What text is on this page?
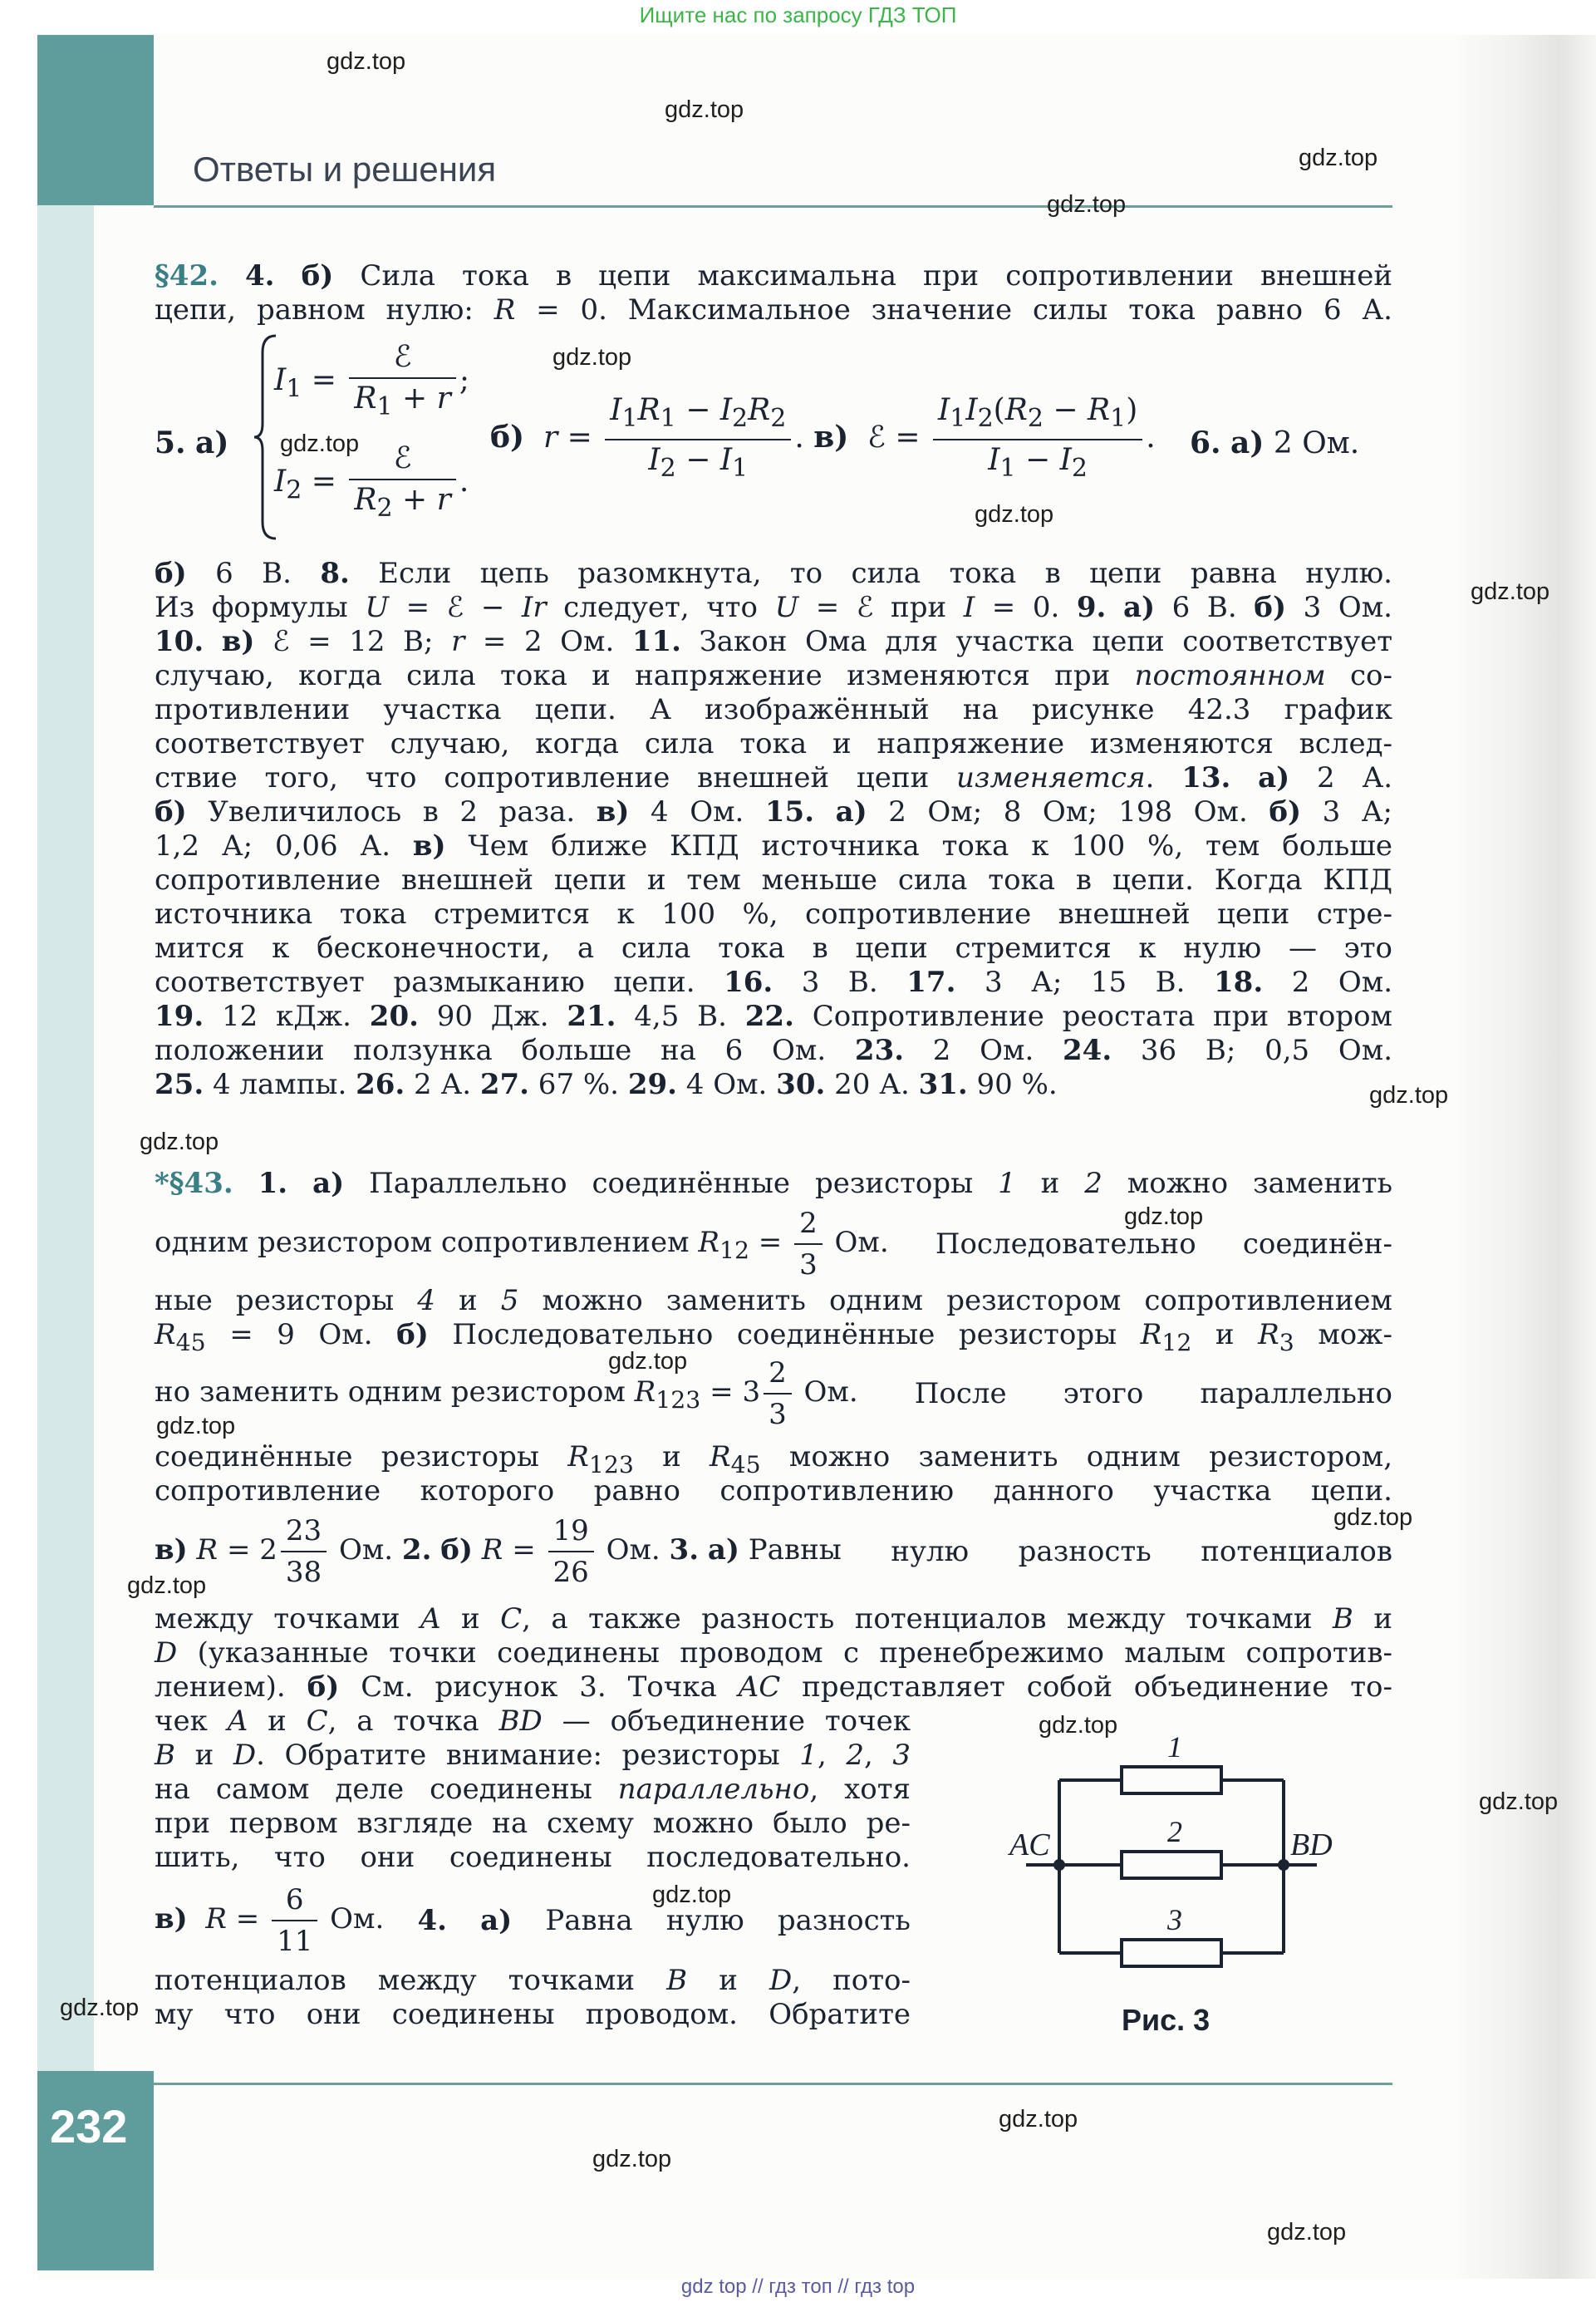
Ищите нас по запросу ГДЗ ТОП
Ответы и решения
§42. 4. б) Сила тока в цепи максимальна при сопротивлении внешней
цепи, равном нулю: R = 0. Максимальное значение силы тока равно 6 А.
5. а)
$I_1 = \frac{\text{ℰ}}{R_1 + r}$ ;
$I_2 = \frac{\text{ℰ}}{R_2 + r}$ .
б) $r = \frac{I_1R_1 - I_2R_2}{I_2 - I_1}$ . в)  ℰ = $\frac{I_1I_2(R_2 - R_1)}{I_1 - I_2}$ . 6. а) 2 Ом.
б) 6 В. 8. Если цепь разомкнута, то сила тока в цепи равна нулю.
Из формулы U = ℰ − Ir следует, что U = ℰ при I = 0. 9. а) 6 В. б) 3 Ом.
10. в) ℰ = 12 В; r = 2 Ом. 11. Закон Ома для участка цепи соответствует
случаю, когда сила тока и напряжение изменяются при постоянном со-
противлении участка цепи. А изображённый на рисунке 42.3 график
соответствует случаю, когда сила тока и напряжение изменяются вслед-
ствие того, что сопротивление внешней цепи изменяется. 13. а) 2 А.
б) Увеличилось в 2 раза. в) 4 Ом. 15. а) 2 Ом; 8 Ом; 198 Ом. б) 3 А;
1,2 А; 0,06 А. в) Чем ближе КПД источника тока к 100 %, тем больше
сопротивление внешней цепи и тем меньше сила тока в цепи. Когда КПД
источника тока стремится к 100 %, сопротивление внешней цепи стре-
мится к бесконечности, а сила тока в цепи стремится к нулю — это
соответствует размыканию цепи. 16. 3 В. 17. 3 А; 15 В. 18. 2 Ом.
19. 12 кДж. 20. 90 Дж. 21. 4,5 В. 22. Сопротивление реостата при втором
положении ползунка больше на 6 Ом. 23. 2 Ом. 24. 36 В; 0,5 Ом.
25. 4 лампы. 26. 2 А. 27. 67 %. 29. 4 Ом. 30. 20 А. 31. 90 %.
*§43. 1. а) Параллельно соединённые резисторы 1 и 2 можно заменить
одним резистором сопротивлением $R_{12} = \frac{2}{3}$ Ом. Последовательно соединён-
ные резисторы 4 и 5 можно заменить одним резистором сопротивлением
$R_{45} = 9$ Ом. б) Последовательно соединённые резисторы $R_{12}$ и $R_3$ мож-
но заменить одним резистором $R_{123} = 3 \frac{2}{3}$ Ом. После этого параллельно
соединённые резисторы $R_{123}$ и $R_{45}$ можно заменить одним резистором,
сопротивление которого равно сопротивлению данного участка цепи.
в) $R = 2 \frac{23}{38}$ Ом. 2. б) $R = \frac{19}{26}$ Ом. 3. а) Равны нулю разность потенциалов
между точками A и C, а также разность потенциалов между точками B и
D (указанные точки соединены проводом с пренебрежимо малым сопротив-
лением). б) См. рисунок 3. Точка AC представляет собой объединение то-
чек A и C, а точка BD — объединение точек
B и D. Обратите внимание: резисторы 1, 2, 3
на самом деле соединены параллельно, хотя
при первом взгляде на схему можно было ре-
шить, что они соединены последовательно.
в) $R = \frac{6}{11}$ Ом. 4. а) Равна нулю разность
потенциалов между точками B и D, пото-
му что они соединены проводом. Обратите
1
2
3
AC	BD
Рис. 3
232
gdz.top
gdz.top
gdz.top
gdz.top
gdz.top
gdz.top
gdz.top
gdz.top
gdz.top
gdz.top
gdz.top
gdz.top
gdz.top
gdz.top
gdz.top
gdz.top
gdz.top
gdz.top
gdz.top
gdz.top
gdz.top
gdz.top
gdz top // гдз топ // гдз top
